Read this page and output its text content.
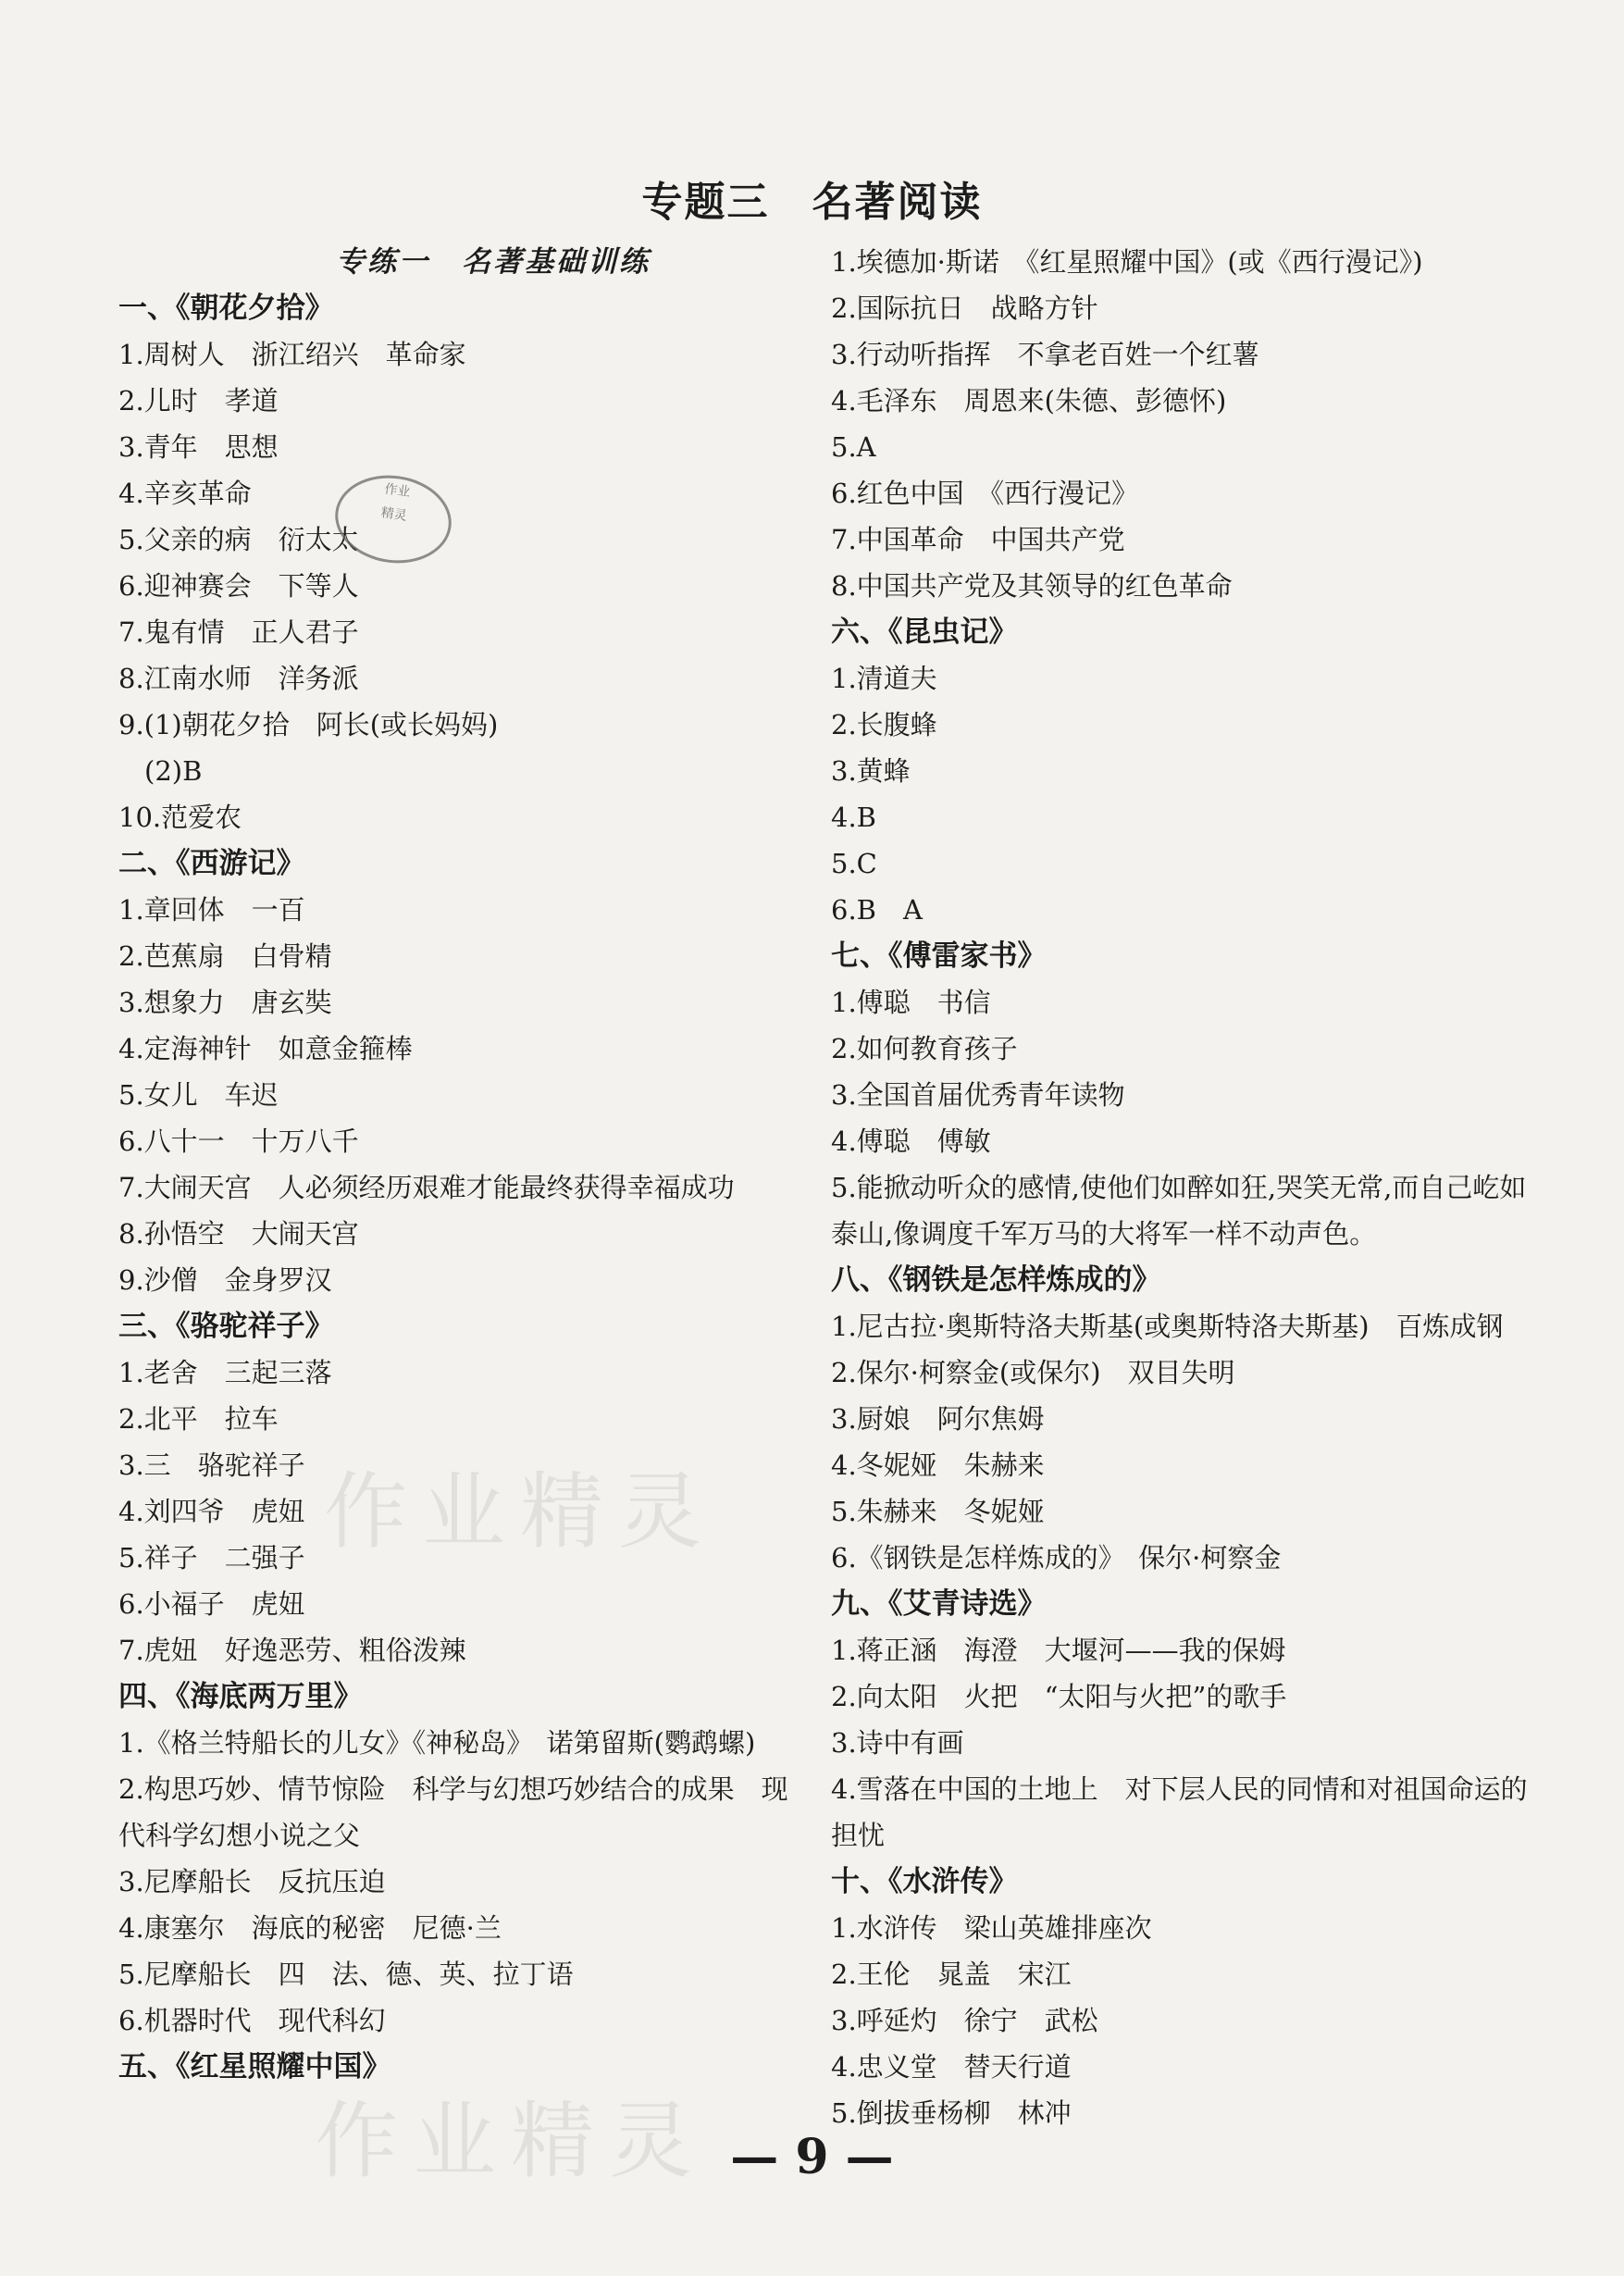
专题三　名著阅读
专练一　名著基础训练
一、《朝花夕拾》
1.周树人　浙江绍兴　革命家
2.儿时　孝道
3.青年　思想
4.辛亥革命
5.父亲的病　衍太太
6.迎神赛会　下等人
7.鬼有情　正人君子
8.江南水师　洋务派
9.(1)朝花夕拾　阿长(或长妈妈)
(2)B
10.范爱农
二、《西游记》
1.章回体　一百
2.芭蕉扇　白骨精
3.想象力　唐玄奘
4.定海神针　如意金箍棒
5.女儿　车迟
6.八十一　十万八千
7.大闹天宫　人必须经历艰难才能最终获得幸福成功
8.孙悟空　大闹天宫
9.沙僧　金身罗汉
三、《骆驼祥子》
1.老舍　三起三落
2.北平　拉车
3.三　骆驼祥子
4.刘四爷　虎妞
5.祥子　二强子
6.小福子　虎妞
7.虎妞　好逸恶劳、粗俗泼辣
四、《海底两万里》
1.《格兰特船长的儿女》《神秘岛》　诺第留斯(鹦鹉螺)
2.构思巧妙、情节惊险　科学与幻想巧妙结合的成果　现代科学幻想小说之父
3.尼摩船长　反抗压迫
4.康塞尔　海底的秘密　尼德·兰
5.尼摩船长　四　法、德、英、拉丁语
6.机器时代　现代科幻
五、《红星照耀中国》
1.埃德加·斯诺　《红星照耀中国》(或《西行漫记》)
2.国际抗日　战略方针
3.行动听指挥　不拿老百姓一个红薯
4.毛泽东　周恩来(朱德、彭德怀)
5.A
6.红色中国　《西行漫记》
7.中国革命　中国共产党
8.中国共产党及其领导的红色革命
六、《昆虫记》
1.清道夫
2.长腹蜂
3.黄蜂
4.B
5.C
6.B　A
七、《傅雷家书》
1.傅聪　书信
2.如何教育孩子
3.全国首届优秀青年读物
4.傅聪　傅敏
5.能掀动听众的感情,使他们如醉如狂,哭笑无常,而自己屹如泰山,像调度千军万马的大将军一样不动声色。
八、《钢铁是怎样炼成的》
1.尼古拉·奥斯特洛夫斯基(或奥斯特洛夫斯基)　百炼成钢
2.保尔·柯察金(或保尔)　双目失明
3.厨娘　阿尔焦姆
4.冬妮娅　朱赫来
5.朱赫来　冬妮娅
6.《钢铁是怎样炼成的》　保尔·柯察金
九、《艾青诗选》
1.蒋正涵　海澄　大堰河——我的保姆
2.向太阳　火把　“太阳与火把”的歌手
3.诗中有画
4.雪落在中国的土地上　对下层人民的同情和对祖国命运的担忧
十、《水浒传》
1.水浒传　梁山英雄排座次
2.王伦　晁盖　宋江
3.呼延灼　徐宁　武松
4.忠义堂　替天行道
5.倒拔垂杨柳　林冲
作业
精灵
作业精灵
作业精灵 — 9 —
